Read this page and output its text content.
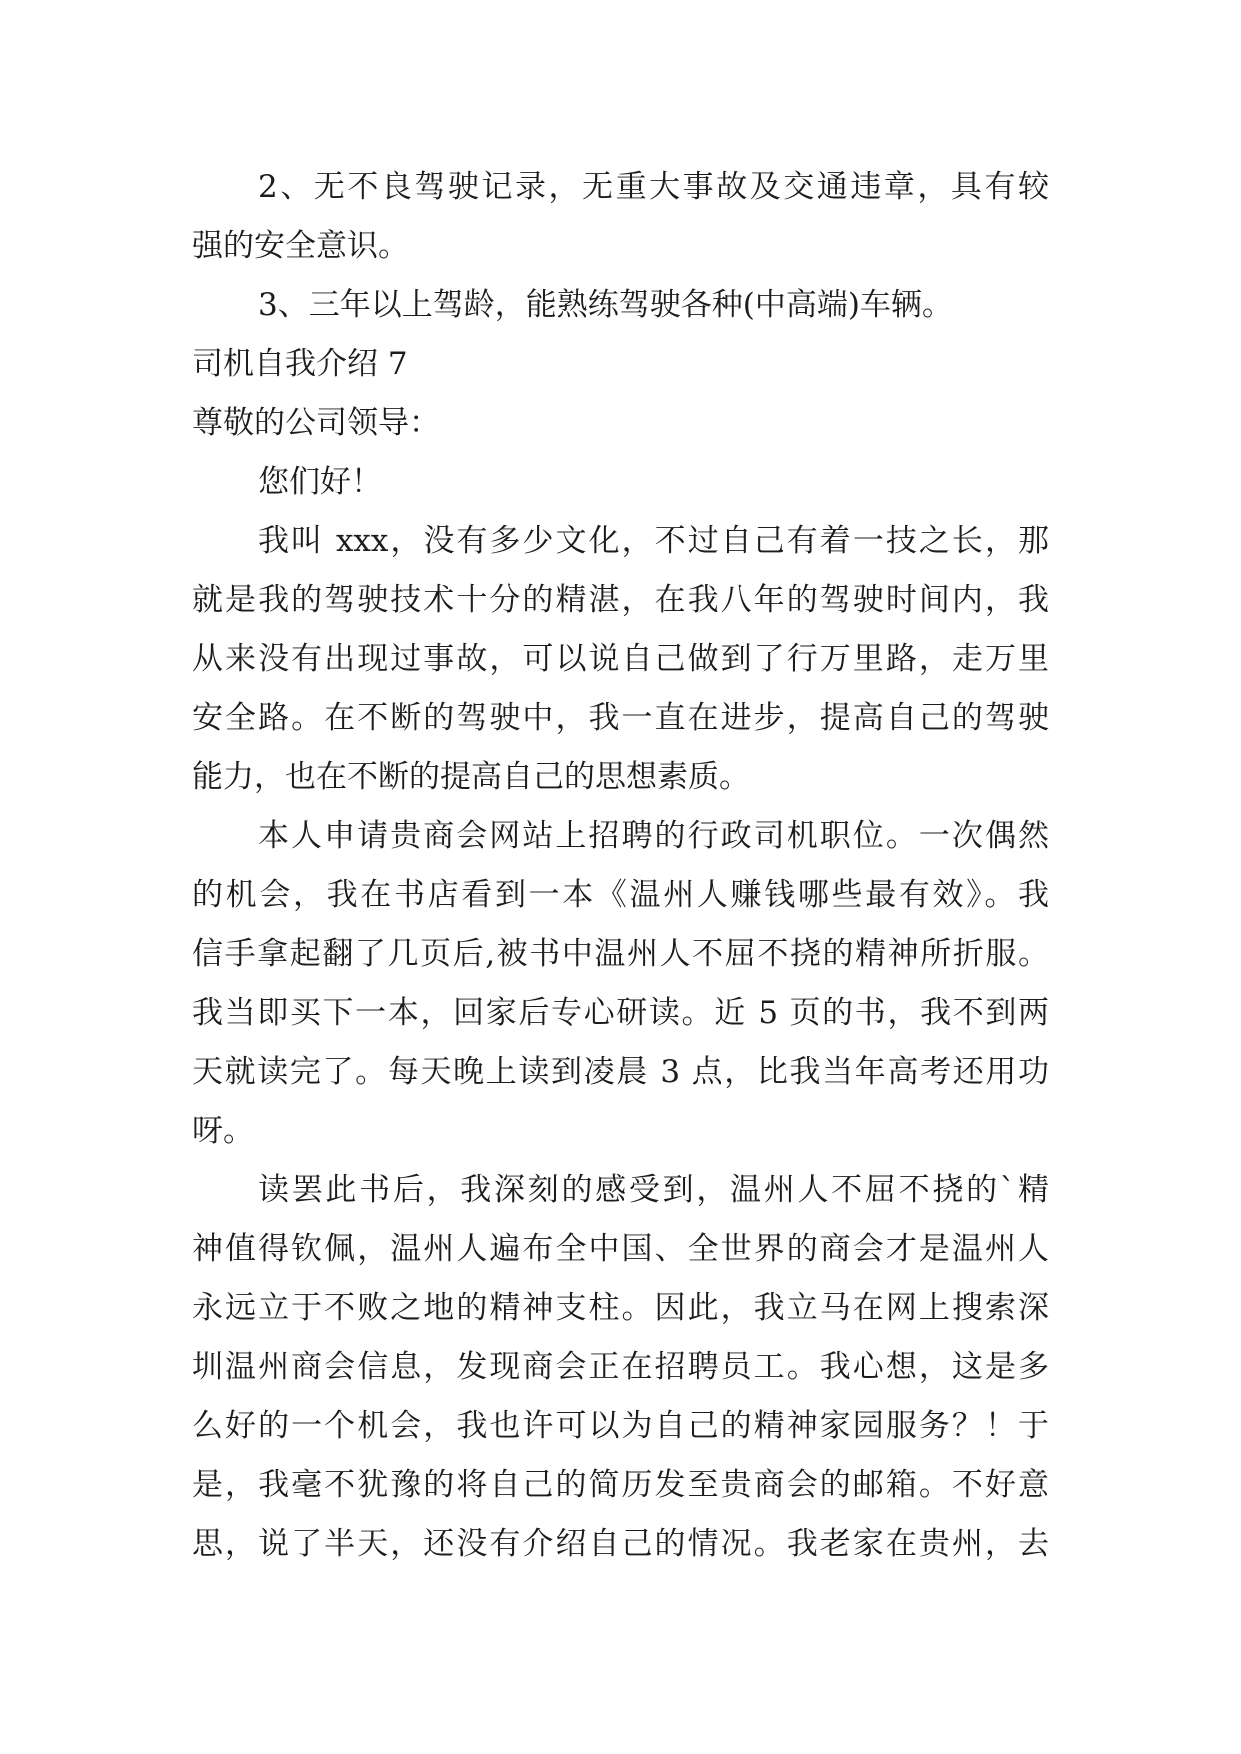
2、无不良驾驶记录，无重大事故及交通违章，具有较
强的安全意识。
3、三年以上驾龄，能熟练驾驶各种(中高端)车辆。
司机自我介绍 7
尊敬的公司领导：
您们好！
我叫 xxx，没有多少文化，不过自己有着一技之长，那
就是我的驾驶技术十分的精湛，在我八年的驾驶时间内，我
从来没有出现过事故，可以说自己做到了行万里路，走万里
安全路。在不断的驾驶中，我一直在进步，提高自己的驾驶
能力，也在不断的提高自己的思想素质。
本人申请贵商会网站上招聘的行政司机职位。一次偶然
的机会，我在书店看到一本《温州人赚钱哪些最有效》。我
信手拿起翻了几页后,被书中温州人不屈不挠的精神所折服。
我当即买下一本，回家后专心研读。近 5 页的书，我不到两
天就读完了。每天晚上读到凌晨 3 点，比我当年高考还用功
呀。
读罢此书后，我深刻的感受到，温州人不屈不挠的`精
神值得钦佩，温州人遍布全中国、全世界的商会才是温州人
永远立于不败之地的精神支柱。因此，我立马在网上搜索深
圳温州商会信息，发现商会正在招聘员工。我心想，这是多
么好的一个机会，我也许可以为自己的精神家园服务？！于
是，我毫不犹豫的将自己的简历发至贵商会的邮箱。不好意
思，说了半天，还没有介绍自己的情况。我老家在贵州，去
